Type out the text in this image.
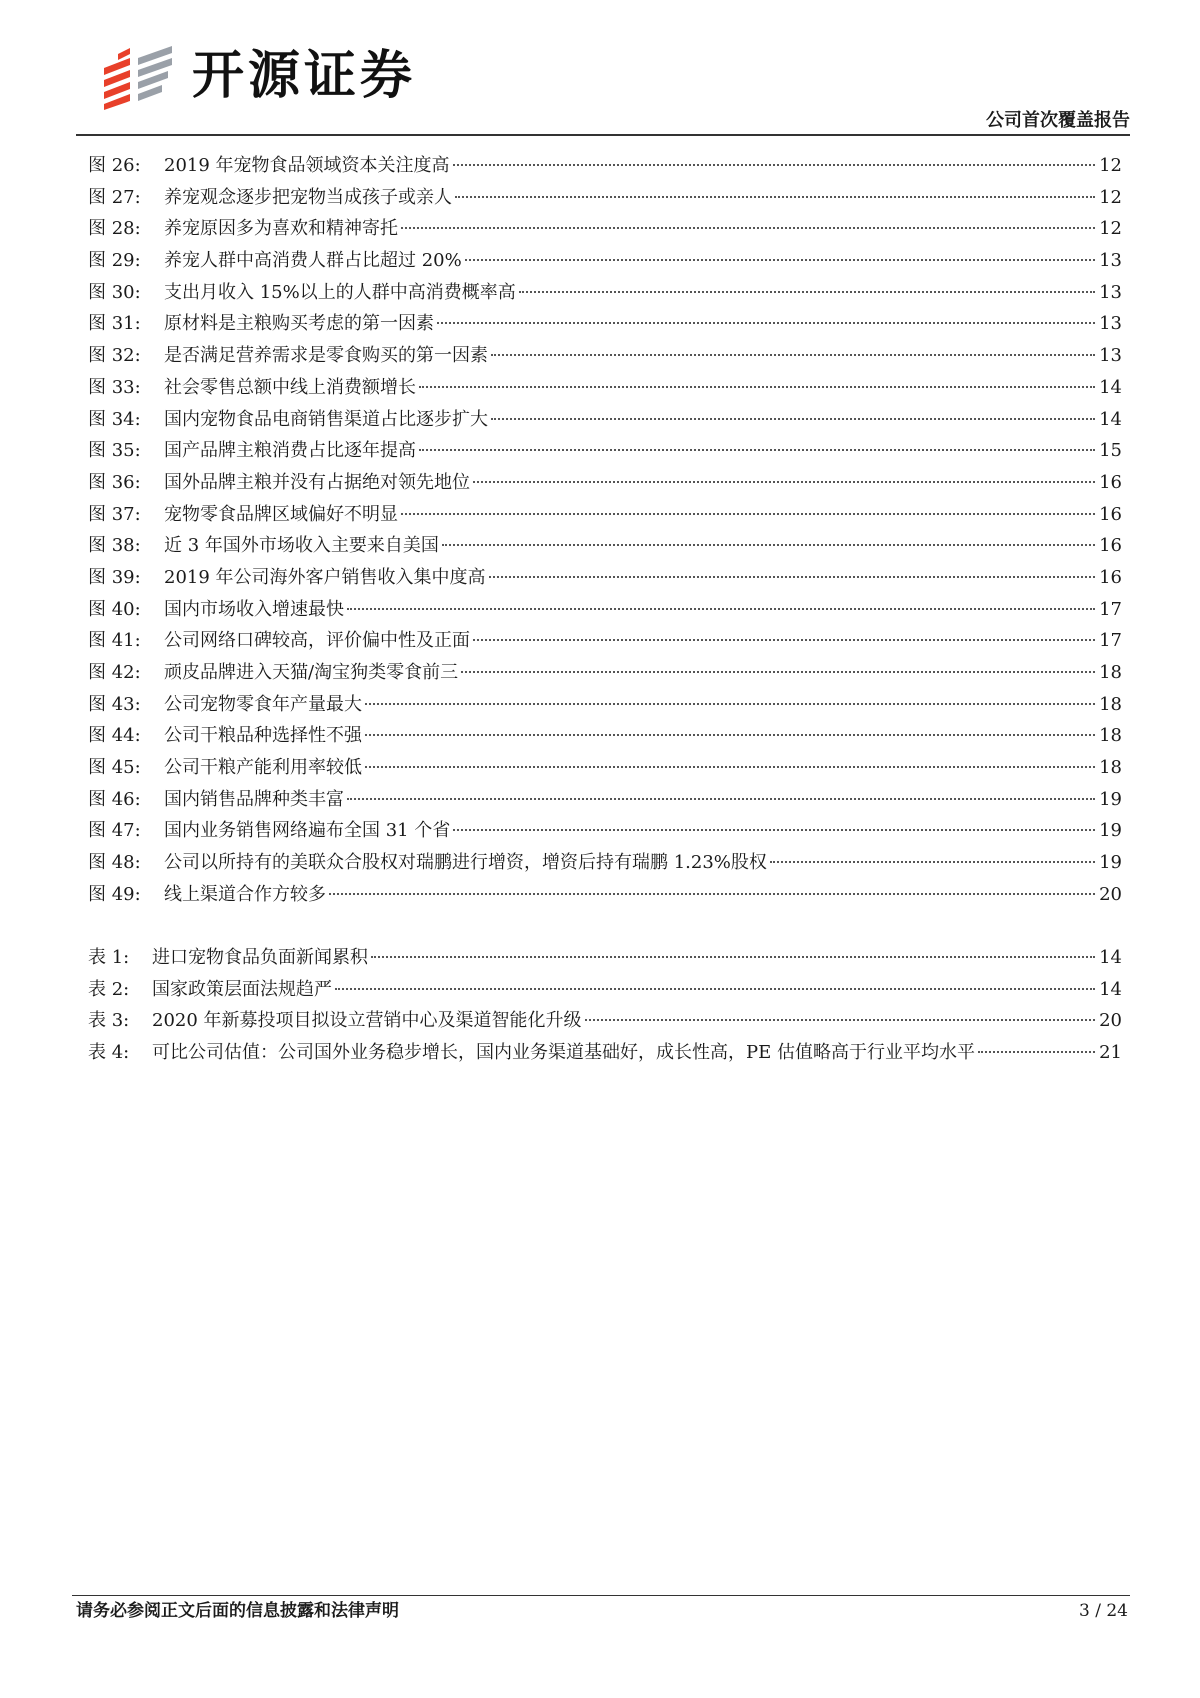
开源证券
公司首次覆盖报告
图 26:	2019 年宠物食品领域资本关注度高	12
图 27:	养宠观念逐步把宠物当成孩子或亲人	12
图 28:	养宠原因多为喜欢和精神寄托	12
图 29:	养宠人群中高消费人群占比超过 20%	13
图 30:	支出月收入 15%以上的人群中高消费概率高	13
图 31:	原材料是主粮购买考虑的第一因素	13
图 32:	是否满足营养需求是零食购买的第一因素	13
图 33:	社会零售总额中线上消费额增长	14
图 34:	国内宠物食品电商销售渠道占比逐步扩大	14
图 35:	国产品牌主粮消费占比逐年提高	15
图 36:	国外品牌主粮并没有占据绝对领先地位	16
图 37:	宠物零食品牌区域偏好不明显	16
图 38:	近 3 年国外市场收入主要来自美国	16
图 39:	2019 年公司海外客户销售收入集中度高	16
图 40:	国内市场收入增速最快	17
图 41:	公司网络口碑较高，评价偏中性及正面	17
图 42:	顽皮品牌进入天猫/淘宝狗类零食前三	18
图 43:	公司宠物零食年产量最大	18
图 44:	公司干粮品种选择性不强	18
图 45:	公司干粮产能利用率较低	18
图 46:	国内销售品牌种类丰富	19
图 47:	国内业务销售网络遍布全国 31 个省	19
图 48:	公司以所持有的美联众合股权对瑞鹏进行增资，增资后持有瑞鹏 1.23%股权	19
图 49:	线上渠道合作方较多	20
表 1:	进口宠物食品负面新闻累积	14
表 2:	国家政策层面法规趋严	14
表 3:	2020 年新募投项目拟设立营销中心及渠道智能化升级	20
表 4:	可比公司估值：公司国外业务稳步增长，国内业务渠道基础好，成长性高，PE 估值略高于行业平均水平	21
请务必参阅正文后面的信息披露和法律声明	3 / 24
